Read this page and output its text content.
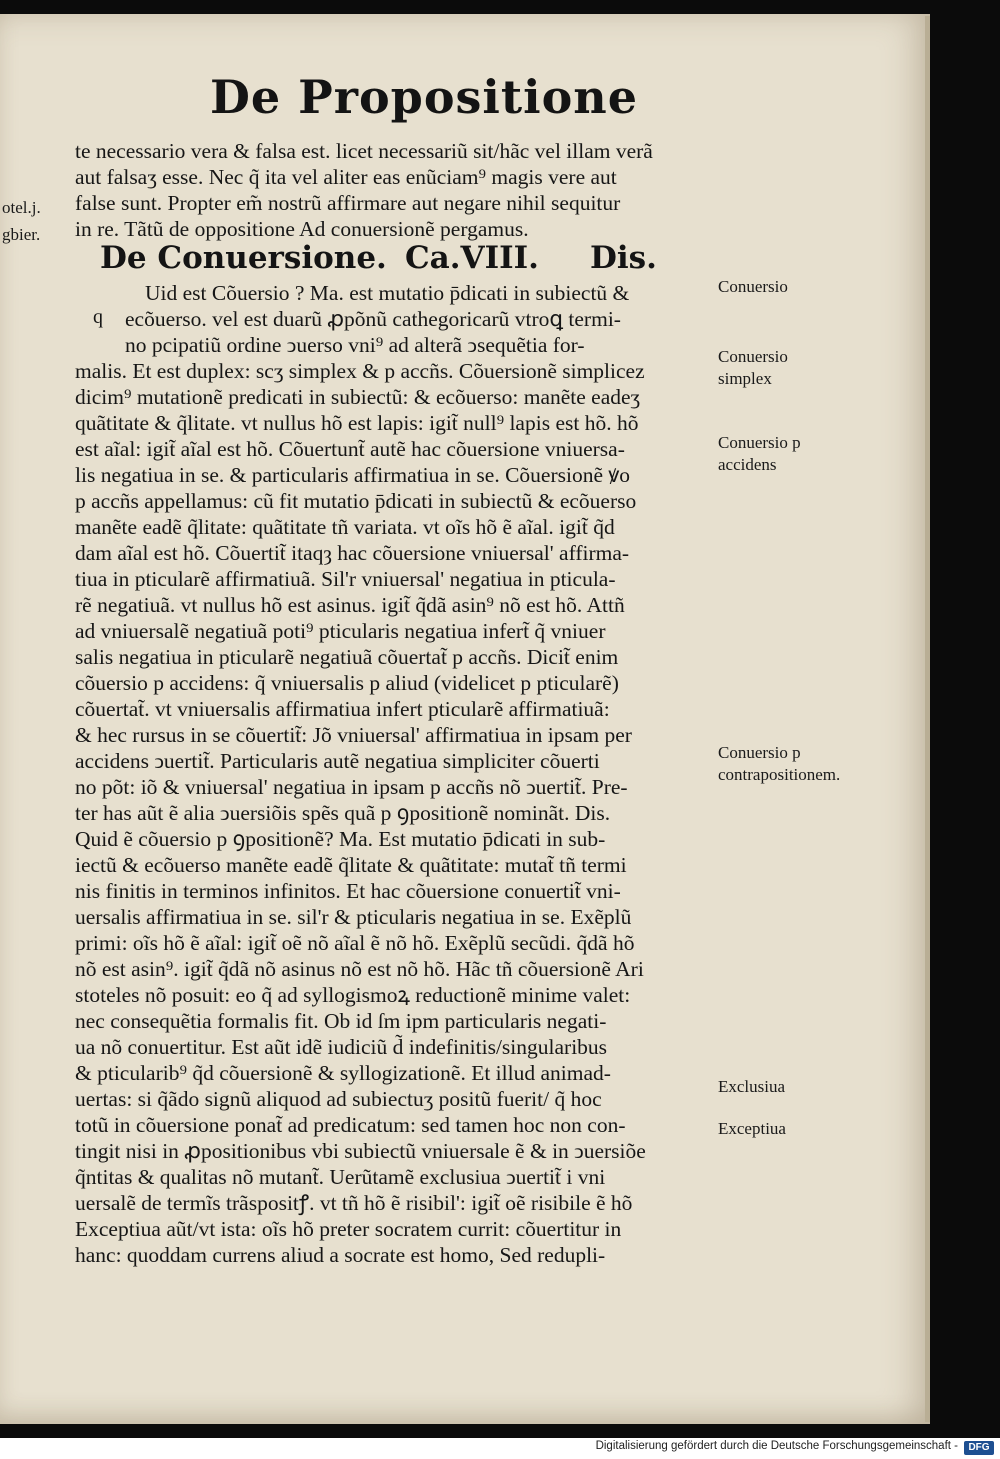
De Propositione
otel.j.
gbier.
te necessario vera & falsa est. licet necessariũ sit/hãc vel illam verã
aut falsaʒ esse. Nec q̃ ita vel aliter eas enũciam⁹ magis vere aut
false sunt. Propter em̃ nostrũ affirmare aut negare nihil sequitur
in re. Tãtũ de oppositione Ad conuersionẽ pergamus.
De Conuersione. Ca.VIII. Dis.
q
Uid est Cõuersio ? Ma. est mutatio p̄dicati in subiectũ &
ecõuerso. vel est duarũ ꝓpõnũ cathegoricarũ vtroꝗ termi-
no pcipatiũ ordine ↄuerso vni⁹ ad alterã ↄsequẽtia for-
malis. Et est duplex: scʒ simplex & p accñs. Cõuersionẽ simplicez
dicim⁹ mutationẽ predicati in subiectũ: & ecõuerso: manẽte eadeʒ
quãtitate & q̃litate. vt nullus hõ est lapis: igit̃ null⁹ lapis est hõ. hõ
est aĩal: igit̃ aĩal est hõ. Cõuertunt̃ autẽ hac cõuersione vniuersa-
lis negatiua in se. & particularis affirmatiua in se. Cõuersionẽ ꝟo
p accñs appellamus: cũ fit mutatio p̄dicati in subiectũ & ecõuerso
manẽte eadẽ q̃litate: quãtitate tñ variata. vt oĩs hõ ẽ aĩal. igit̃ q̃d
dam aĩal est hõ. Cõuertit̃ itaqȝ hac cõuersione vniuersal' affirma-
tiua in pticularẽ affirmatiuã. Sil'r vniuersal' negatiua in pticula-
rẽ negatiuã. vt nullus hõ est asinus. igit̃ q̃dã asin⁹ nõ est hõ. Attñ
ad vniuersalẽ negatiuã poti⁹ pticularis negatiua infert̃ q̃ vniuer
salis negatiua in pticularẽ negatiuã cõuertat̃ p accñs. Dicit̃ enim
cõuersio p accidens: q̃ vniuersalis p aliud (videlicet p pticularẽ)
cõuertat̃. vt vniuersalis affirmatiua infert pticularẽ affirmatiuã:
& hec rursus in se cõuertit̃: Jõ vniuersal' affirmatiua in ipsam per
accidens ↄuertit̃. Particularis autẽ negatiua simpliciter cõuerti
no põt: iõ & vniuersal' negatiua in ipsam p accñs nõ ↄuertit̃. Pre-
ter has aũt ẽ alia ↄuersiõis spẽs quã p ꝯpositionẽ nominãt. Dis.
Quid ẽ cõuersio p ꝯpositionẽ? Ma. Est mutatio p̄dicati in sub-
iectũ & ecõuerso manẽte eadẽ q̃litate & quãtitate: mutat̃ tñ termi
nis finitis in terminos infinitos. Et hac cõuersione conuertit̃ vni-
uersalis affirmatiua in se. sil'r & pticularis negatiua in se. Exẽplũ
primi: oĩs hõ ẽ aĩal: igit̃ oẽ nõ aĩal ẽ nõ hõ. Exẽplũ secũdi. q̃dã hõ
nõ est asin⁹. igit̃ q̃dã nõ asinus nõ est nõ hõ. Hãc tñ cõuersionẽ Ari
stoteles nõ posuit: eo q̃ ad syllogismoꝝ reductionẽ minime valet:
nec consequẽtia formalis fit. Ob id ſm ipm particularis negati-
ua nõ conuertitur. Est aũt idẽ iudiciũ d̃ indefinitis/singularibus
& pticularib⁹ q̃d cõuersionẽ & syllogizationẽ. Et illud animad-
uertas: si q̃ãdo signũ aliquod ad subiectuʒ positũ fuerit/ q̃ hoc
totũ in cõuersione ponat̃ ad predicatum: sed tamen hoc non con-
tingit nisi in ꝓpositionibus vbi subiectũ vniuersale ẽ & in ↄuersiõe
q̃ntitas & qualitas nõ mutant̃. Uerũtamẽ exclusiua ↄuertit̃ i vni
uersalẽ de termĩs trãspositꝭ. vt tñ hõ ẽ risibil': igit̃ oẽ risibile ẽ hõ
Exceptiua aũt/vt ista: oĩs hõ preter socratem currit: cõuertitur in
hanc: quoddam currens aliud a socrate est homo, Sed redupli-
Conuersio
Conuersio simplex
Conuersio p accidens
Conuersio p contrapositionem.
Exclusiua
Exceptiua
Digitalisierung gefördert durch die Deutsche Forschungsgemeinschaft -	DFG
